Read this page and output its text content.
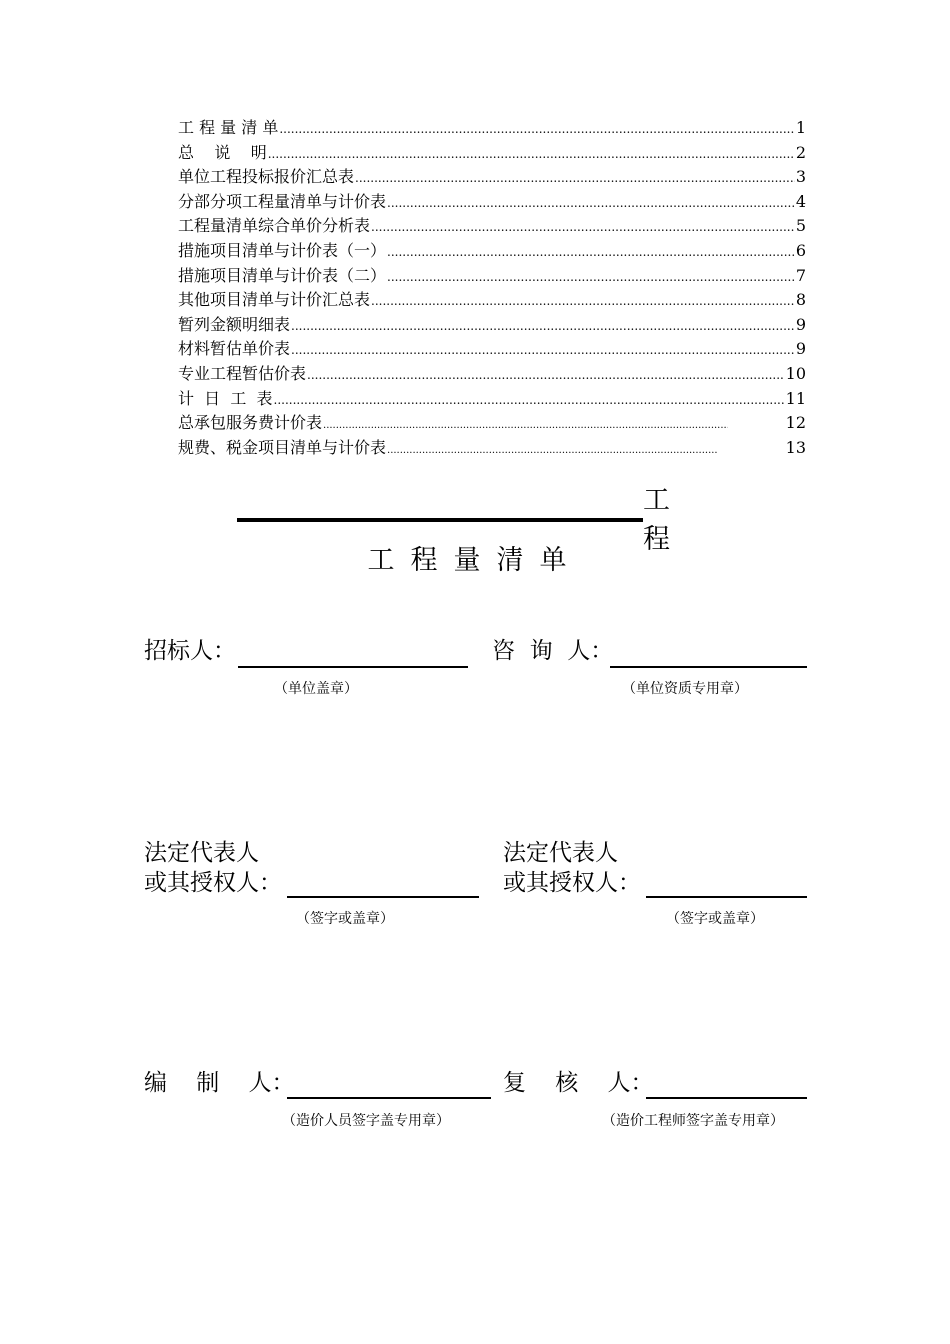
工 程 量 清 单 .....	1
总    说    明 .....	2
单位工程投标报价汇总表 .....	3
分部分项工程量清单与计价表 .....	4
工程量清单综合单价分析表 .....	5
措施项目清单与计价表（一） .....	6
措施项目清单与计价表（二） .....	7
其他项目清单与计价汇总表 .....	8
暂列金额明细表 .....	9
材料暂估单价表 .....	9
专业工程暂估价表 .....	10
计  日  工  表 .....	11
总承包服务费计价表 .....	12
规费、税金项目清单与计价表 .....	13
工 程
工程量清单
招标人：
（单位盖章）
咨  询  人：
（单位资质专用章）
法定代表人
或其授权人：
（签字或盖章）
法定代表人
或其授权人：
（签字或盖章）
编    制    人：
（造价人员签字盖专用章）
复    核    人：
（造价工程师签字盖专用章）
